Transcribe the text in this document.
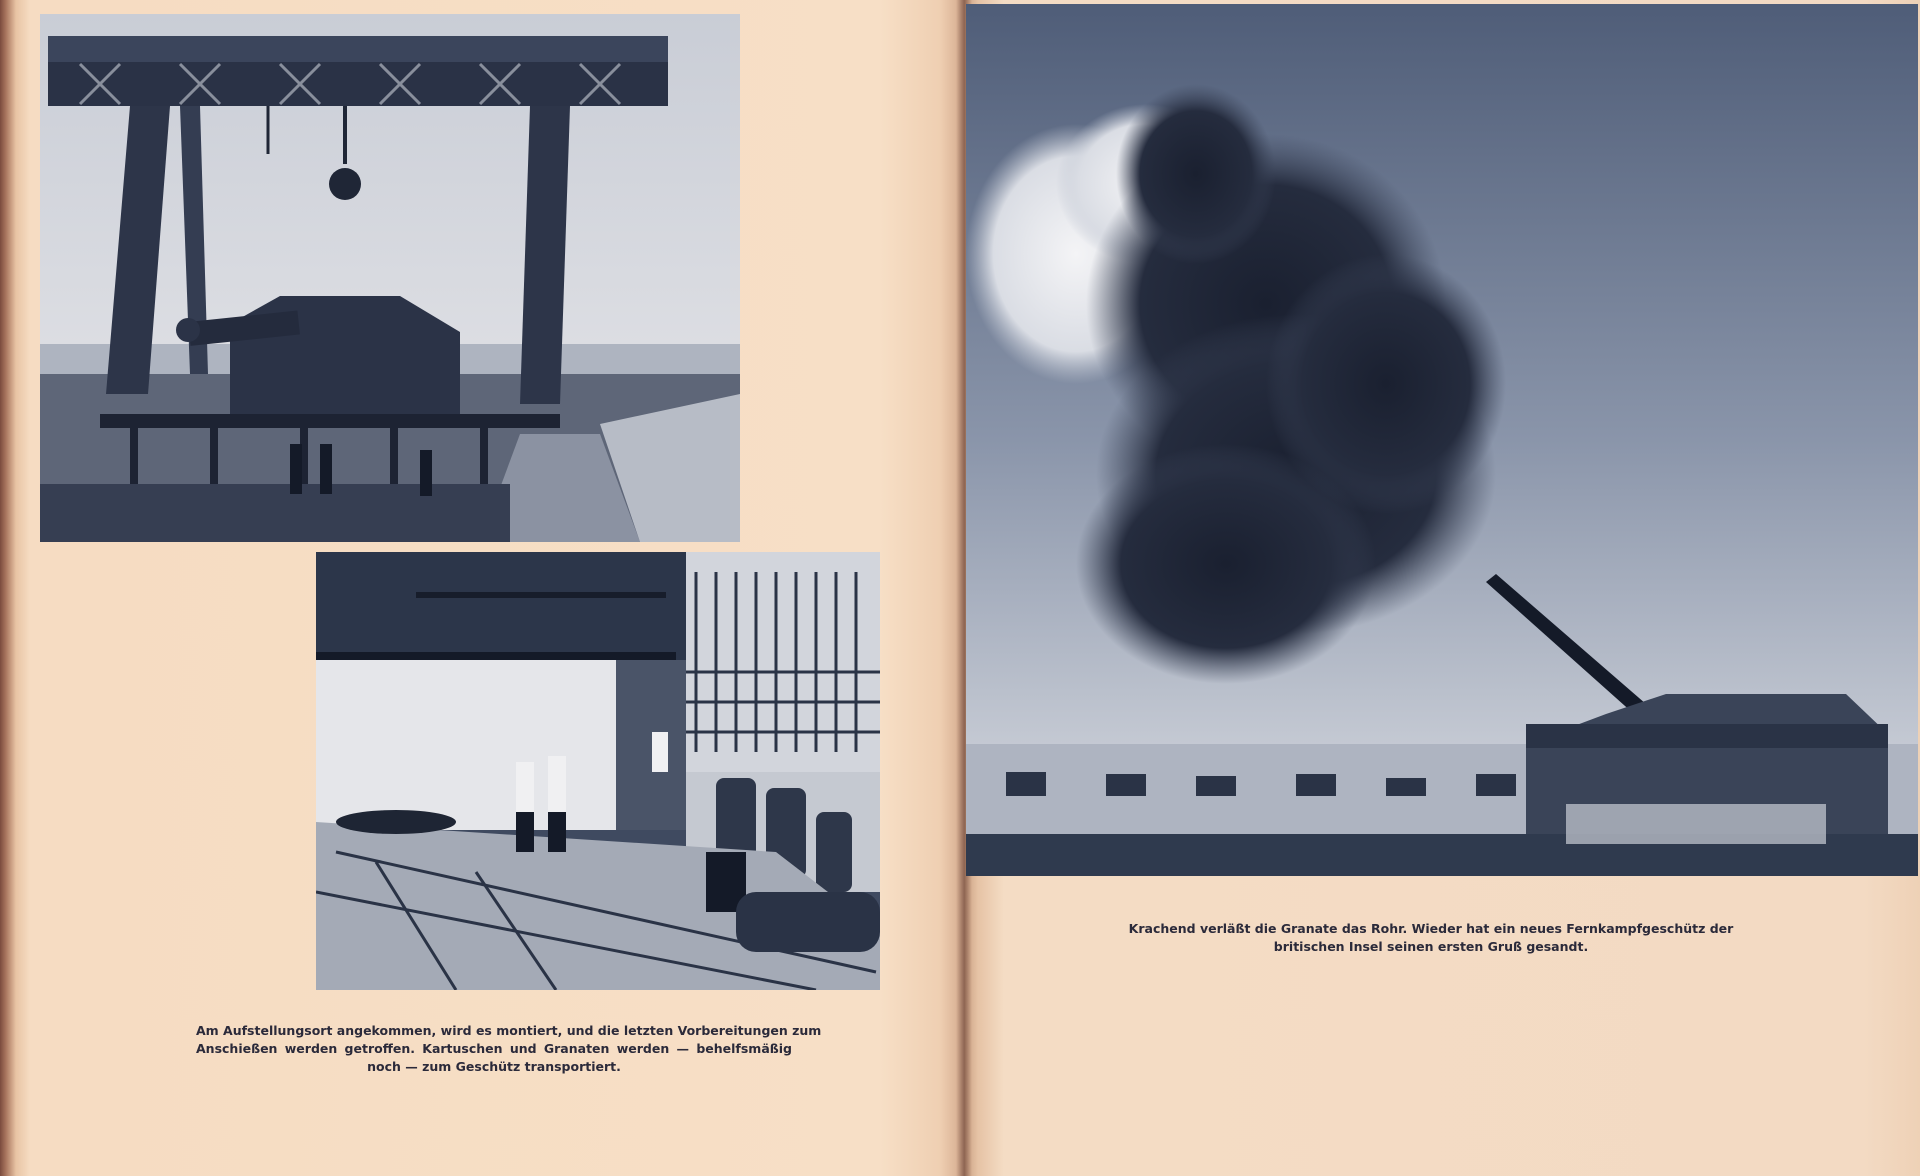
Am Aufstellungsort angekommen, wird es montiert, und die letzten Vorbereitungen zum
Anschießen werden getroffen. Kartuschen und Granaten werden — behelfsmäßig
noch — zum Geschütz transportiert.
Krachend verläßt die Granate das Rohr. Wieder hat ein neues Fernkampfgeschütz der
britischen Insel seinen ersten Gruß gesandt.
